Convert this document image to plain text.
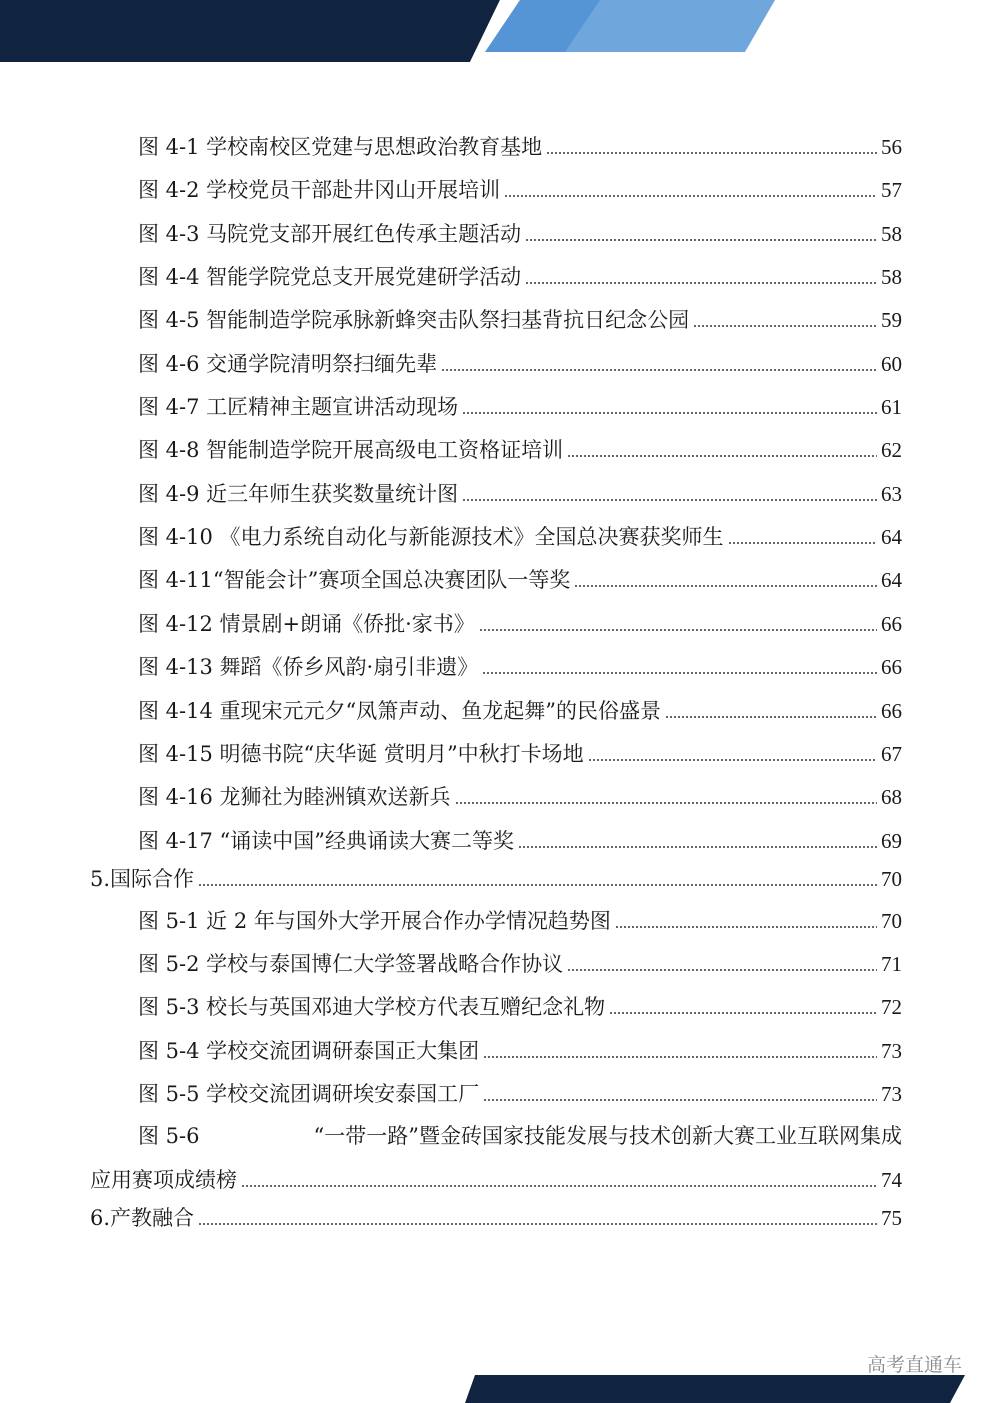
图 4-1 学校南校区党建与思想政治教育基地	56
图 4-2 学校党员干部赴井冈山开展培训	57
图 4-3 马院党支部开展红色传承主题活动	58
图 4-4 智能学院党总支开展党建研学活动	58
图 4-5 智能制造学院承脉新蜂突击队祭扫基背抗日纪念公园	59
图 4-6 交通学院清明祭扫缅先辈	60
图 4-7 工匠精神主题宣讲活动现场	61
图 4-8 智能制造学院开展高级电工资格证培训	62
图 4-9 近三年师生获奖数量统计图	63
图 4-10 《电力系统自动化与新能源技术》全国总决赛获奖师生	64
图 4-11“智能会计”赛项全国总决赛团队一等奖	64
图 4-12 情景剧+朗诵《侨批·家书》	66
图 4-13 舞蹈《侨乡风韵·扇引非遗》	66
图 4-14 重现宋元元夕“凤箫声动、鱼龙起舞”的民俗盛景	66
图 4-15 明德书院“庆华诞 赏明月”中秋打卡场地	67
图 4-16 龙狮社为睦洲镇欢送新兵	68
图 4-17 “诵读中国”经典诵读大赛二等奖	69
5.国际合作	70
图 5-1 近 2 年与国外大学开展合作办学情况趋势图	70
图 5-2 学校与泰国博仁大学签署战略合作协议	71
图 5-3 校长与英国邓迪大学校方代表互赠纪念礼物	72
图 5-4 学校交流团调研泰国正大集团	73
图 5-5 学校交流团调研埃安泰国工厂	73
图 5-6	“一带一路”暨金砖国家技能发展与技术创新大赛工业互联网集成
应用赛项成绩榜	74
6.产教融合	75
高考直通车
